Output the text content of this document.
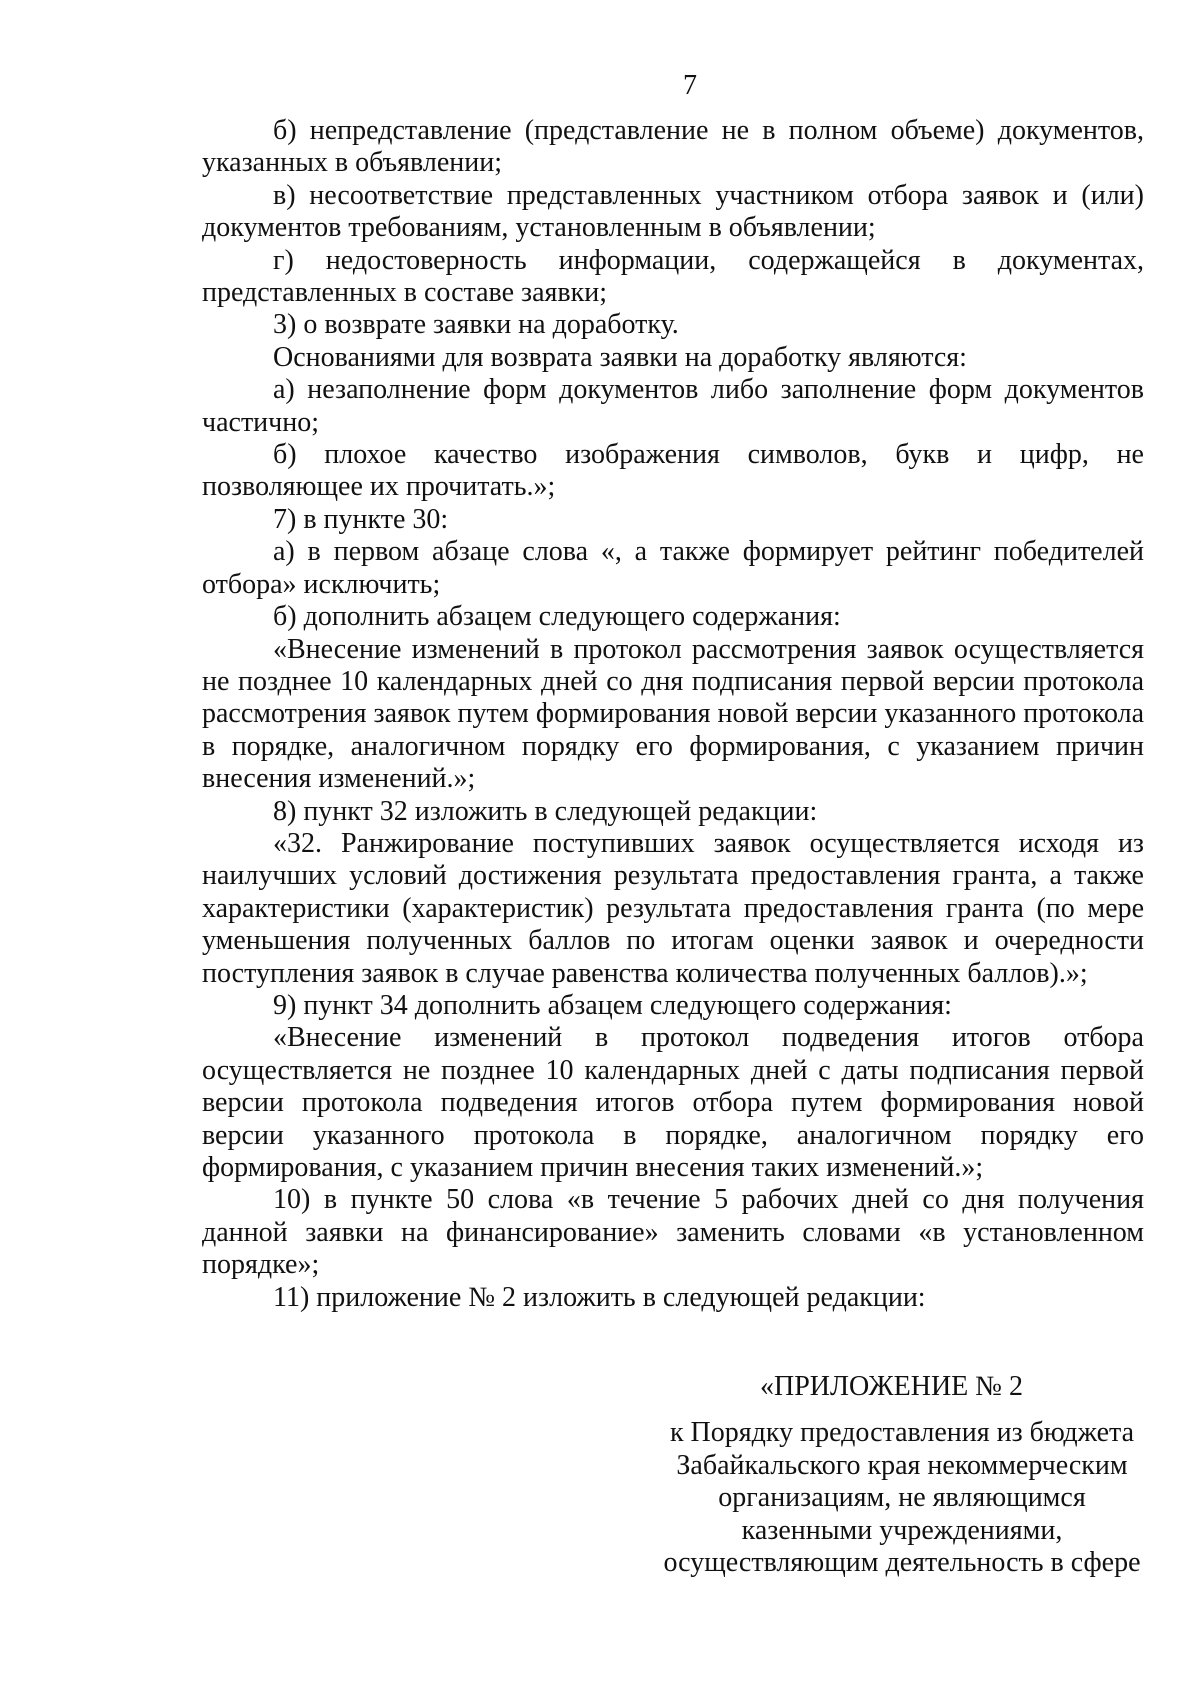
7

б) непредставление (представление не в полном объеме) документов, указанных в объявлении;

в) несоответствие представленных участником отбора заявок и (или) документов требованиям, установленным в объявлении;

г) недостоверность информации, содержащейся в документах, представленных в составе заявки;

3) о возврате заявки на доработку.

Основаниями для возврата заявки на доработку являются:

а) незаполнение форм документов либо заполнение форм документов частично;

б) плохое качество изображения символов, букв и цифр, не позволяющее их прочитать.»;

7) в пункте 30:

а) в первом абзаце слова «, а также формирует рейтинг победителей отбора» исключить;

б) дополнить абзацем следующего содержания:

«Внесение изменений в протокол рассмотрения заявок осуществляется не позднее 10 календарных дней со дня подписания первой версии протокола рассмотрения заявок путем формирования новой версии указанного протокола в порядке, аналогичном порядку его формирования, с указанием причин внесения изменений.»;

8) пункт 32 изложить в следующей редакции:

«32. Ранжирование поступивших заявок осуществляется исходя из наилучших условий достижения результата предоставления гранта, а также характеристики (характеристик) результата предоставления гранта (по мере уменьшения полученных баллов по итогам оценки заявок и очередности поступления заявок в случае равенства количества полученных баллов).»;

9) пункт 34 дополнить абзацем следующего содержания:

«Внесение изменений в протокол подведения итогов отбора осуществляется не позднее 10 календарных дней с даты подписания первой версии протокола подведения итогов отбора путем формирования новой версии указанного протокола в порядке, аналогичном порядку его формирования, с указанием причин внесения таких изменений.»;

10) в пункте 50 слова «в течение 5 рабочих дней со дня получения данной заявки на финансирование» заменить словами «в установленном порядке»;

11) приложение № 2 изложить в следующей редакции:

«ПРИЛОЖЕНИЕ № 2
к Порядку предоставления из бюджета
Забайкальского края некоммерческим
организациям, не являющимся
казенными учреждениями,
осуществляющим деятельность в сфере
